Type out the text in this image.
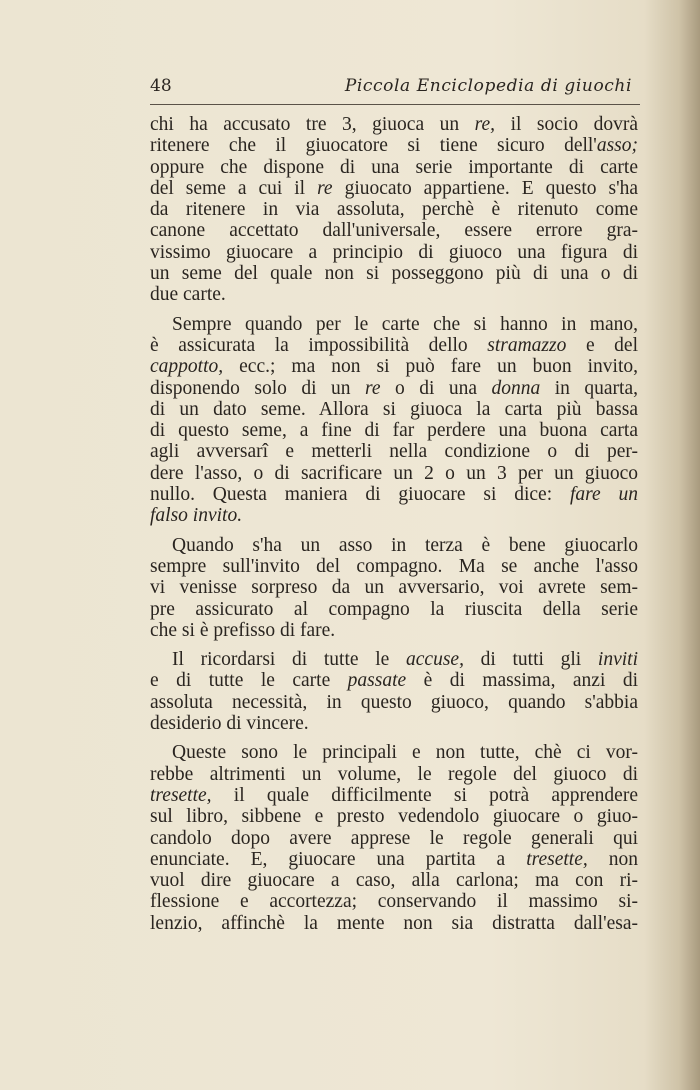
48	Piccola Enciclopedia di giuochi

chi ha accusato tre 3, giuoca un re, il socio dovrà
ritenere che il giuocatore si tiene sicuro dell'asso;
oppure che dispone di una serie importante di carte
del seme a cui il re giuocato appartiene. E questo s'ha
da ritenere in via assoluta, perchè è ritenuto come
canone accettato dall'universale, essere errore gra-
vissimo giuocare a principio di giuoco una figura di
un seme del quale non si posseggono più di una o di
due carte.

Sempre quando per le carte che si hanno in mano,
è assicurata la impossibilità dello stramazzo e del
cappotto, ecc.; ma non si può fare un buon invito,
disponendo solo di un re o di una donna in quarta,
di un dato seme. Allora si giuoca la carta più bassa
di questo seme, a fine di far perdere una buona carta
agli avversarî e metterli nella condizione o di per-
dere l'asso, o di sacrificare un 2 o un 3 per un giuoco
nullo. Questa maniera di giuocare si dice: fare un
falso invito.

Quando s'ha un asso in terza è bene giuocarlo
sempre sull'invito del compagno. Ma se anche l'asso
vi venisse sorpreso da un avversario, voi avrete sem-
pre assicurato al compagno la riuscita della serie
che si è prefisso di fare.

Il ricordarsi di tutte le accuse, di tutti gli inviti
e di tutte le carte passate è di massima, anzi di
assoluta necessità, in questo giuoco, quando s'abbia
desiderio di vincere.

Queste sono le principali e non tutte, chè ci vor-
rebbe altrimenti un volume, le regole del giuoco di
tresette, il quale difficilmente si potrà apprendere
sul libro, sibbene e presto vedendolo giuocare o giuo-
candolo dopo avere apprese le regole generali qui
enunciate. E, giuocare una partita a tresette, non
vuol dire giuocare a caso, alla carlona; ma con ri-
flessione e accortezza; conservando il massimo si-
lenzio, affinchè la mente non sia distratta dall'esa-
